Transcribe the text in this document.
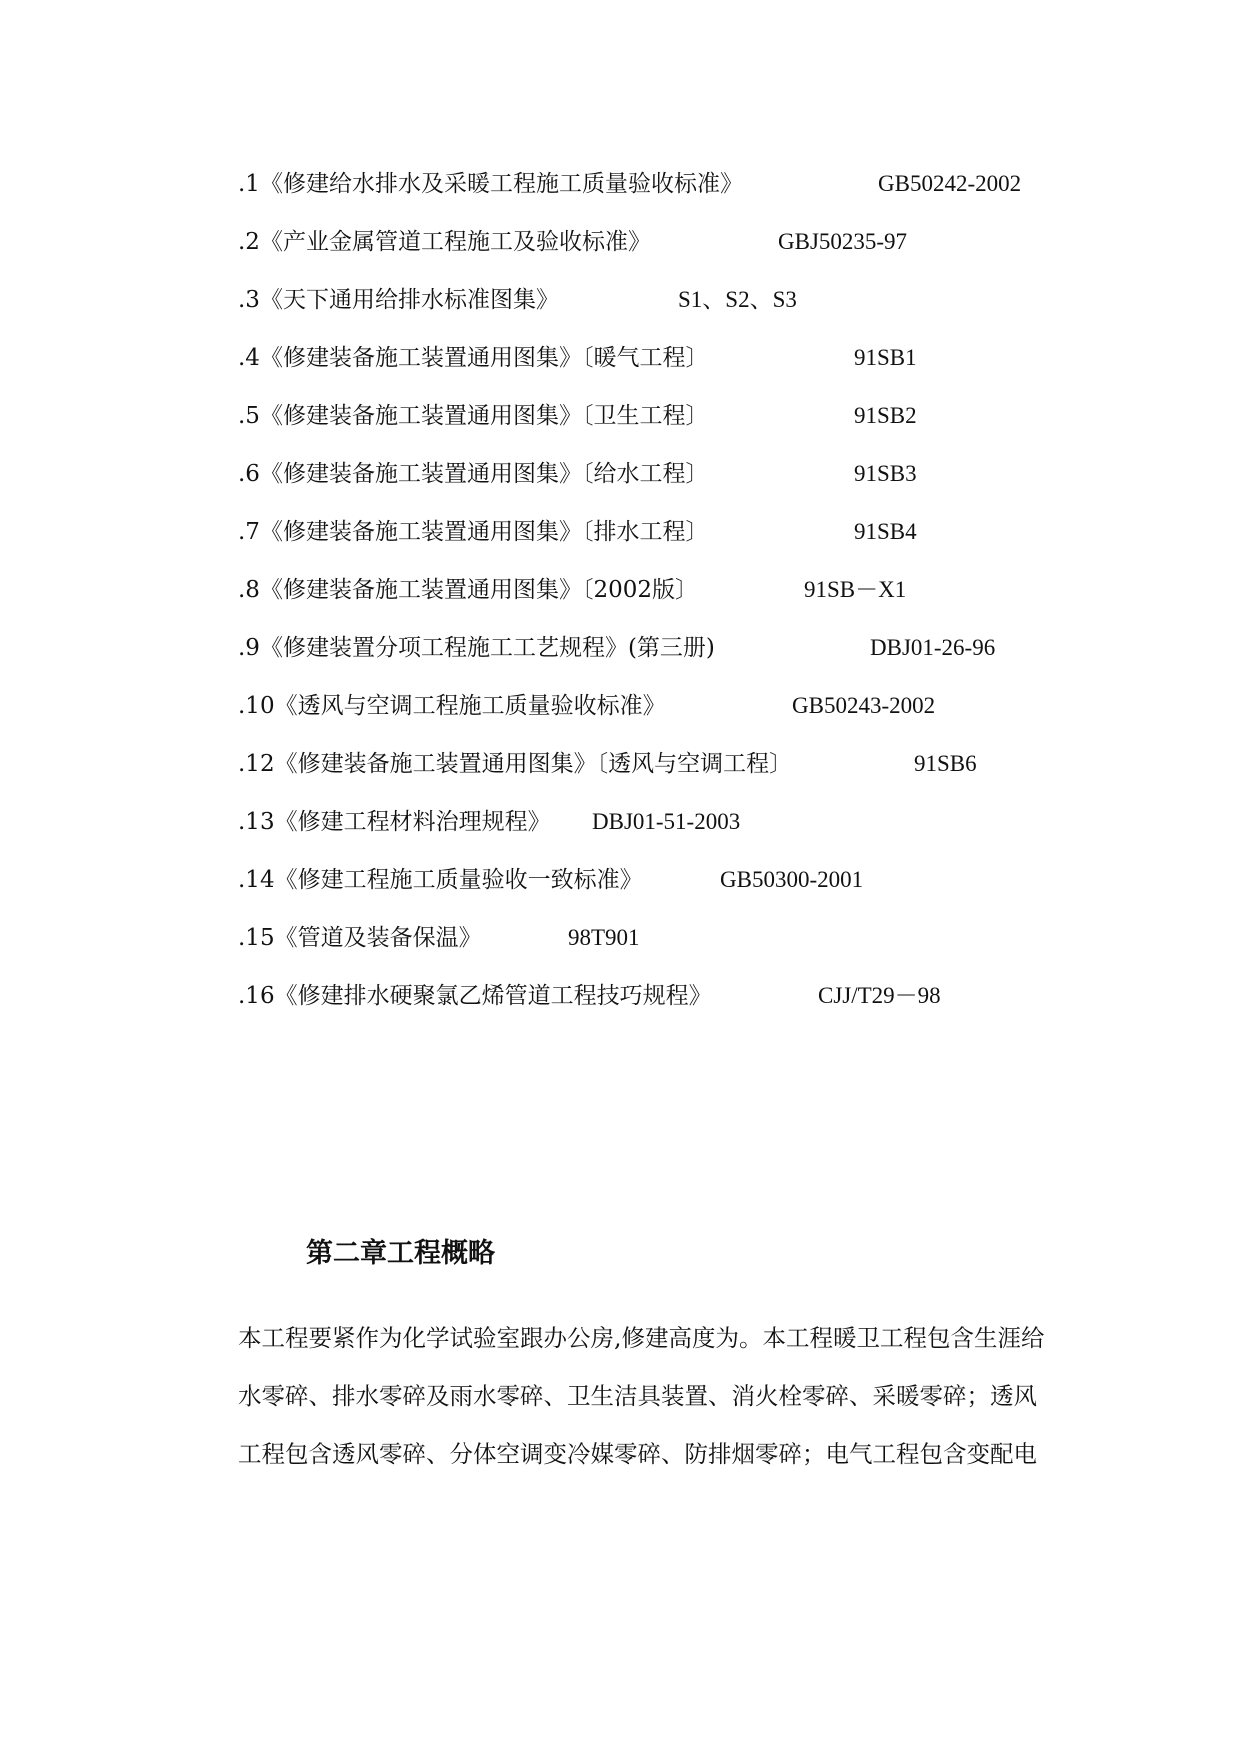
.1《修建给水排水及采暖工程施工质量验收标准》	GB50242-2002
.2《产业金属管道工程施工及验收标准》	GBJ50235-97
.3《天下通用给排水标准图集》	S1、S2、S3
.4《修建装备施工装置通用图集》〔暖气工程〕	91SB1
.5《修建装备施工装置通用图集》〔卫生工程〕	91SB2
.6《修建装备施工装置通用图集》〔给水工程〕	91SB3
.7《修建装备施工装置通用图集》〔排水工程〕	91SB4
.8《修建装备施工装置通用图集》〔2002版〕	91SB－X1
.9《修建装置分项工程施工工艺规程》(第三册)	DBJ01-26-96
.10《透风与空调工程施工质量验收标准》	GB50243-2002
.12《修建装备施工装置通用图集》〔透风与空调工程〕	91SB6
.13《修建工程材料治理规程》 DBJ01-51-2003
.14《修建工程施工质量验收一致标准》	GB50300-2001
.15《管道及装备保温》	98T901
.16《修建排水硬聚氯乙烯管道工程技巧规程》	CJJ/T29－98
第二章工程概略
本工程要紧作为化学试验室跟办公房,修建高度为。本工程暖卫工程包含生涯给
水零碎、排水零碎及雨水零碎、卫生洁具装置、消火栓零碎、采暖零碎；透风
工程包含透风零碎、分体空调变冷媒零碎、防排烟零碎；电气工程包含变配电
